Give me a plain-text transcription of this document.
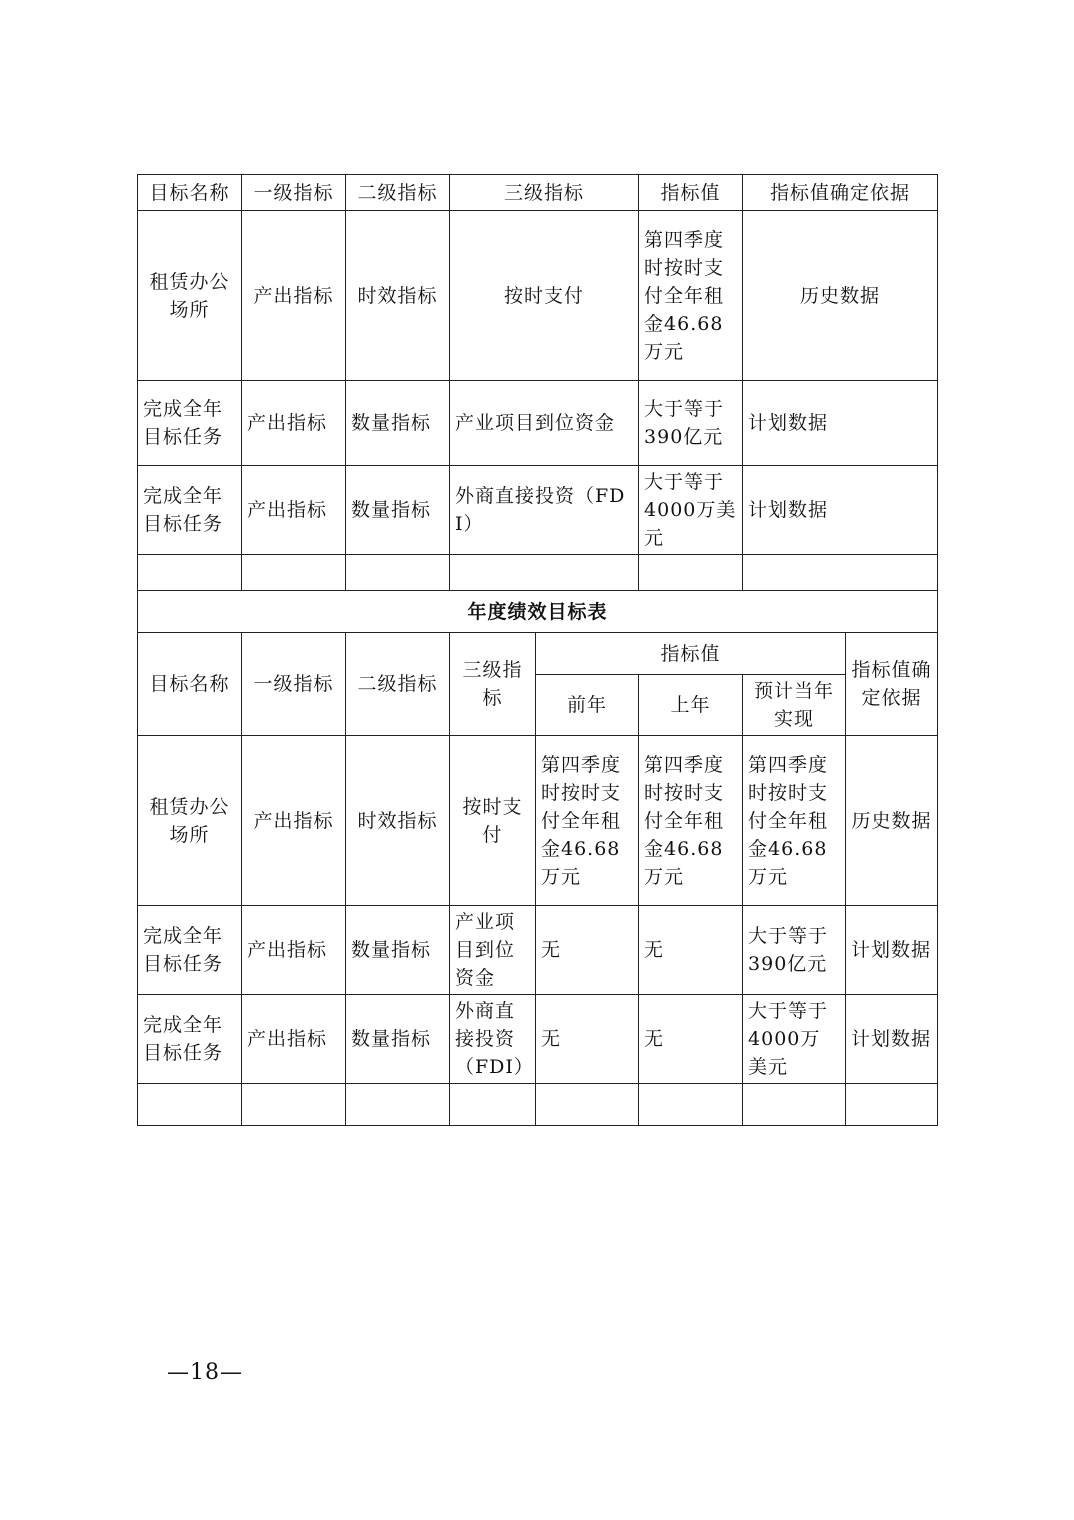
目标名称	一级指标	二级指标	三级指标		指标值	指标值确定依据	
租赁办公场所	产出指标	时效指标	按时支付		第四季度时按时支付全年租金46.68万元	历史数据	
完成全年目标任务	产出指标	数量指标	产业项目到位资金		大于等于390亿元	计划数据	
完成全年目标任务	产出指标	数量指标	外商直接投资（FDI）		大于等于4000万美元	计划数据	

年度绩效目标表							
目标名称	一级指标	二级指标	三级指标	指标值			指标值确定依据
				前年	上年	预计当年实现	
租赁办公场所	产出指标	时效指标	按时支付	第四季度时按时支付全年租金46.68万元	第四季度时按时支付全年租金46.68万元	第四季度时按时支付全年租金46.68万元	历史数据
完成全年目标任务	产出指标	数量指标	产业项目到位资金	无	无	大于等于390亿元	计划数据
完成全年目标任务	产出指标	数量指标	外商直接投资（FDI）	无	无	大于等于4000万美元	计划数据

—18—
